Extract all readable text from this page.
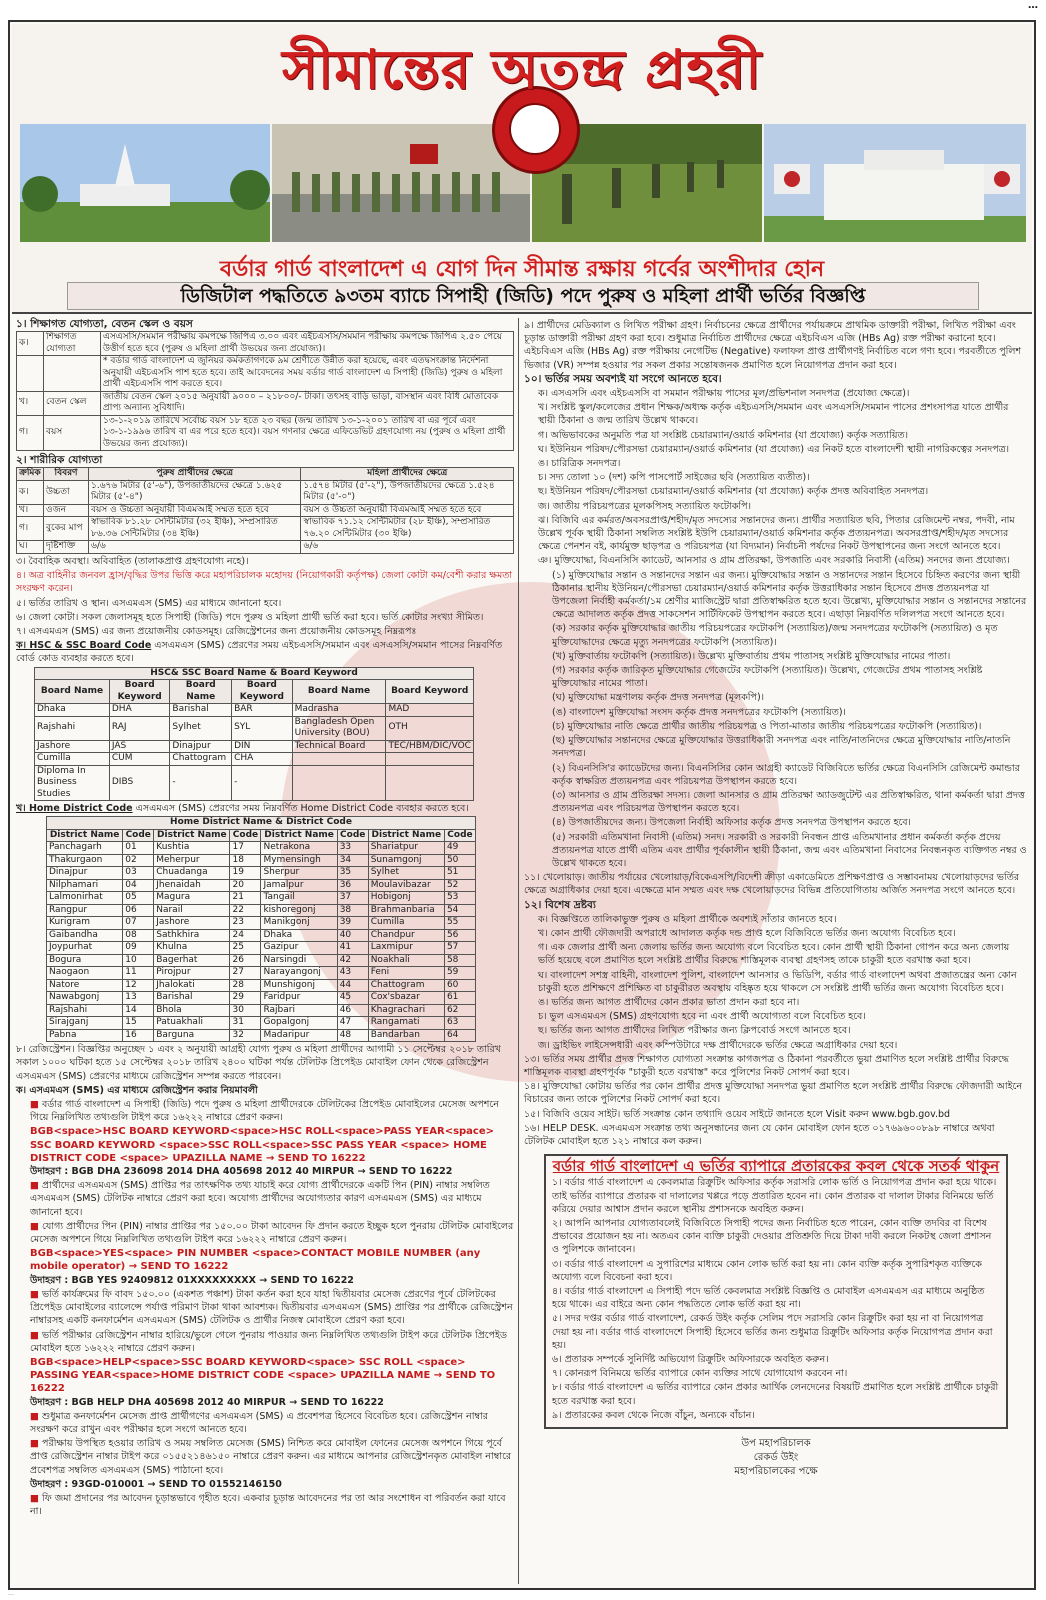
…
সীমান্তের অতন্দ্র প্রহরী
বর্ডার গার্ড বাংলাদেশ এ যোগ দিন সীমান্ত রক্ষায় গর্বের অংশীদার হোন
ডিজিটাল পদ্ধতিতে ৯৩তম ব্যাচে সিপাহী (জিডি) পদে পুরুষ ও মহিলা প্রার্থী ভর্তির বিজ্ঞপ্তি
১। শিক্ষাগত যোগ্যতা, বেতন স্কেল ও বয়স
ক।	শিক্ষাগত যোগ্যতা	এসএসসি/সমমান পরীক্ষায় কমপক্ষে জিপিএ ৩.০০ এবং এইচএসসি/সমমান পরীক্ষায় কমপক্ষে জিপিএ ২.৫০ পেয়ে উত্তীর্ণ হতে হবে (পুরুষ ও মহিলা প্রার্থী উভয়ের জন্য প্রযোজ্য)।
		* বর্ডার গার্ড বাংলাদেশ এ জুনিয়র কর্মকর্তাগণকে ৯ম শ্রেণীতে উন্নীত করা হয়েছে, এবং এতদ্বসংক্রান্ত নির্দেশনা অনুযায়ী এইচএসসি পাশ হতে হবে। তাই আবেদনের সময় বর্ডার গার্ড বাংলাদেশ এ সিপাহী (জিডি) পুরুষ ও মহিলা প্রার্থী এইচএসসি পাশ করতে হবে।
খ।	বেতন স্কেল	জাতীয় বেতন স্কেল ২০১৫ অনুযায়ী ৯০০০ – ২১৮০০/- টাকা। তৎসহ বাড়ি ভাড়া, বাসস্থান এবং বিধি মোতাবেক প্রাপ্য অন্যান্য সুবিধাদি।
গ।	বয়স	১৩-১-২০১৯ তারিখে সর্বোচ্চ বয়স ১৮ হতে ২৩ বছর (জন্ম তারিখ ১৩-১-২০০১ তারিখ বা এর পূর্বে এবং ১৩-১-১৯৯৬ তারিখ বা এর পরে হতে হবে)। বয়স গণনার ক্ষেত্রে এফিডেভিট গ্রহণযোগ্য নয় (পুরুষ ও মহিলা প্রার্থী উভয়ের জন্য প্রযোজ্য)।
২। শারীরিক যোগ্যতা
ক্রমিক	বিবরণ	পুরুষ প্রার্থীদের ক্ষেত্রে	মহিলা প্রার্থীদের ক্ষেত্রে
ক।	উচ্চতা	১.৬৭৬ মিটার (৫'-৬"), উপজাতীয়দের ক্ষেত্রে ১.৬২৫ মিটার (৫'-৪")	১.৫৭৪ মিটার (৫'-২"), উপজাতীয়দের ক্ষেত্রে ১.৫২৪ মিটার (৫'-০")
খ।	ওজন	বয়স ও উচ্চতা অনুযায়ী বিএমআই সম্মত হতে হবে	বয়স ও উচ্চতা অনুযায়ী বিএমআই সম্মত হতে হবে
গ।	বুকের মাপ	স্বাভাবিক ৮১.২৮ সেন্টিমিটার (৩২ ইঞ্চি), সম্প্রসারিত ৮৬.৩৬ সেন্টিমিটার (৩৪ ইঞ্চি)	স্বাভাবিক ৭১.১২ সেন্টিমিটার (২৮ ইঞ্চি), সম্প্রসারিত ৭৬.২০ সেন্টিমিটার (৩০ ইঞ্চি)
ঘ।	দৃষ্টিশক্তি	৬/৬	৬/৬
৩। বৈবাহিক অবস্থা। অবিবাহিত (তালাকপ্রাপ্ত গ্রহণযোগ্য নহে)।
৪। অত্র বাহিনীর জনবল হ্রাস/বৃদ্ধির উপর ভিত্তি করে মহাপরিচালক মহোদয় (নিয়োগকারী কর্তৃপক্ষ) জেলা কোটা কম/বেশী করার ক্ষমতা সংরক্ষণ করেন।
৫। ভর্তির তারিখ ও স্থান। এসএমএস (SMS) এর মাধ্যমে জানানো হবে।
৬। জেলা কোটা। সকল জেলাসমূহ হতে সিপাহী (জিডি) পদে পুরুষ ও মহিলা প্রার্থী ভর্তি করা হবে। ভর্তি কোটার সংখ্যা সীমিত।
৭। এসএমএস (SMS) এর জন্য প্রয়োজনীয় কোডসমূহ। রেজিস্ট্রেশনের জন্য প্রয়োজনীয় কোডসমূহ নিম্নরূপঃ
ক। HSC & SSC Board Code এসএমএস (SMS) প্রেরণের সময় এইচএসসি/সমমান এবং এসএসসি/সমমান পাসের নিম্নবর্ণিত বোর্ড কোড ব্যবহার করতে হবে।
HSC& SSC Board Name & Board Keyword					
Board Name	Board Keyword	Board Name	Board Keyword	Board Name	Board Keyword
Dhaka	DHA	Barishal	BAR	Madrasha	MAD
Rajshahi	RAJ	Sylhet	SYL	Bangladesh Open University (BOU)	OTH
Jashore	JAS	Dinajpur	DIN	Technical Board	TEC/HBM/DIC/VOC
Cumilla	CUM	Chattogram	CHA		
Diploma In Business Studies	DIBS	-	-		
খ। Home District Code এসএমএস (SMS) প্রেরণের সময় নিম্নবর্ণিত Home District Code ব্যবহার করতে হবে।
Home District Name & District Code							
District Name	Code	District Name	Code	District Name	Code	District Name	Code
Panchagarh	01	Kushtia	17	Netrakona	33	Shariatpur	49
Thakurgaon	02	Meherpur	18	Mymensingh	34	Sunamgonj	50
Dinajpur	03	Chuadanga	19	Sherpur	35	Sylhet	51
Nilphamari	04	Jhenaidah	20	Jamalpur	36	Moulavibazar	52
Lalmonirhat	05	Magura	21	Tangail	37	Hobigonj	53
Rangpur	06	Narail	22	kishoregonj	38	Brahmanbaria	54
Kurigram	07	Jashore	23	Manikgonj	39	Cumilla	55
Gaibandha	08	Sathkhira	24	Dhaka	40	Chandpur	56
Joypurhat	09	Khulna	25	Gazipur	41	Laxmipur	57
Bogura	10	Bagerhat	26	Narsingdi	42	Noakhali	58
Naogaon	11	Pirojpur	27	Narayangonj	43	Feni	59
Natore	12	Jhalokati	28	Munshigonj	44	Chattogram	60
Nawabgonj	13	Barishal	29	Faridpur	45	Cox'sbazar	61
Rajshahi	14	Bhola	30	Rajbari	46	Khagrachari	62
Sirajganj	15	Patuakhali	31	Gopalgonj	47	Rangamati	63
Pabna	16	Barguna	32	Madaripur	48	Bandarban	64
৮। রেজিস্ট্রেশন। বিজ্ঞপ্তির অনুচ্ছেদ ১ এবং ২ অনুযায়ী আগ্রহী যোগ্য পুরুষ ও মহিলা প্রার্থীদের আগামী ১১ সেপ্টেম্বর ২০১৮ তারিখ সকাল ১০০০ ঘটিকা হতে ১৫ সেপ্টেম্বর ২০১৮ তারিখ ২৪০০ ঘটিকা পর্যন্ত টেলিটক প্রিপেইড মোবাইল ফোন থেকে রেজিস্ট্রেশন এসএমএস (SMS) প্রেরণের মাধ্যমে রেজিস্ট্রেশন সম্পন্ন করতে পারবেন।
ক। এসএমএস (SMS) এর মাধ্যমে রেজিস্ট্রেশন করার নিয়মাবলী
■ বর্ডার গার্ড বাংলাদেশ এ সিপাহী (জিডি) পদে পুরুষ ও মহিলা প্রার্থীদেরকে টেলিটকের প্রিপেইড মোবাইলের মেসেজ অপশনে গিয়ে নিম্নলিখিত তথ্যগুলি টাইপ করে ১৬২২২ নাম্বারে প্রেরণ করুন।
BGB<space>HSC BOARD KEYWORD<space>HSC ROLL<space>PASS YEAR<space> SSC BOARD KEYWORD <space>SSC ROLL<space>SSC PASS YEAR <space> HOME DISTRICT CODE <space> UPAZILLA NAME → SEND TO 16222
উদাহরণ : BGB DHA 236098 2014 DHA 405698 2012 40 MIRPUR → SEND TO 16222
■ প্রার্থীদের এসএমএস (SMS) প্রাপ্তির পর তাৎক্ষণিক তথ্য যাচাই করে যোগ্য প্রার্থীদেরকে একটি পিন (PIN) নাম্বার সম্বলিত এসএমএস (SMS) টেলিটক নাম্বারে প্রেরণ করা হবে। অযোগ্য প্রার্থীদের অযোগ্যতার কারণ এসএমএস (SMS) এর মাধ্যমে জানানো হবে।
■ যোগ্য প্রার্থীদের পিন (PIN) নাম্বার প্রাপ্তির পর ১৫০.০০ টাকা আবেদন ফি প্রদান করতে ইচ্ছুক হলে পুনরায় টেলিটক মোবাইলের মেসেজ অপশনে গিয়ে নিম্নলিখিত তথ্যগুলি টাইপ করে ১৬২২২ নাম্বারে প্রেরণ করুন।
BGB<space>YES<space> PIN NUMBER <space>CONTACT MOBILE NUMBER (any mobile operator) → SEND TO 16222
উদাহরণ : BGB YES 92409812 01XXXXXXXXX → SEND TO 16222
■ ভর্তি কার্যক্রমের ফি বাবদ ১৫০.০০ (একশত পঞ্চাশ) টাকা কর্তন করা হবে যাহা দ্বিতীয়বার মেসেজ প্রেরণের পূর্বে টেলিটকের প্রিপেইড মোবাইলের ব্যালেন্সে পর্যাপ্ত পরিমাণ টাকা থাকা আবশ্যক। দ্বিতীয়বার এসএমএস (SMS) প্রাপ্তির পর প্রার্থীকে রেজিস্ট্রেশন নাম্বারসহ একটি কনফার্মেশন এসএমএস (SMS) টেলিটক ও প্রার্থীর নিজস্ব মোবাইলে প্রেরণ করা হবে।
■ ভর্তি পরীক্ষার রেজিস্ট্রেশন নাম্বার হারিয়ে/ভুলে গেলে পুনরায় পাওয়ার জন্য নিম্নলিখিত তথ্যগুলি টাইপ করে টেলিটক প্রিপেইড মোবাইল হতে ১৬২২২ নাম্বারে প্রেরণ করুন।
BGB<space>HELP<space>SSC BOARD KEYWORD<space> SSC ROLL <space> PASSING YEAR<space>HOME DISTRICT CODE <space> UPAZILLA NAME → SEND TO 16222
উদাহরণ : BGB HELP DHA 405698 2012 40 MIRPUR → SEND TO 16222
■ শুধুমাত্র কনফার্মেশন মেসেজ প্রাপ্ত প্রার্থীগণের এসএমএস (SMS) এ প্রবেশপত্র হিসেবে বিবেচিত হবে। রেজিস্ট্রেশন নাম্বার সংরক্ষণ করে রাখুন এবং পরীক্ষার হলে সংগে আনতে হবে।
■ পরীক্ষায় উপস্থিত হওয়ার তারিখ ও সময় সম্বলিত মেসেজ (SMS) নিশ্চিত করে মোবাইল ফোনের মেসেজ অপশনে গিয়ে পূর্বে প্রাপ্ত রেজিস্ট্রেশন নাম্বার টাইপ করে ০১৫৫২১৪৬১৫০ নাম্বারে প্রেরণ করুন। এর মাধ্যমে আপনার রেজিস্ট্রেশনকৃত মোবাইল নাম্বারে প্রবেশপত্র সম্বলিত এসএমএস (SMS) পাঠানো হবে।
উদাহরণ : 93GD-010001 → SEND TO 01552146150
■ ফি জমা প্রদানের পর আবেদন চূড়ান্তভাবে গৃহীত হবে। একবার চূড়ান্ত আবেদনের পর তা আর সংশোধন বা পরিবর্তন করা যাবে না।
৯। প্রার্থীদের মেডিক্যাল ও লিখিত পরীক্ষা গ্রহণ। নির্বাচনের ক্ষেত্রে প্রার্থীদের পর্যায়ক্রমে প্রাথমিক ডাক্তারী পরীক্ষা, লিখিত পরীক্ষা এবং চূড়ান্ত ডাক্তারী পরীক্ষা গ্রহণ করা হবে। শুধুমাত্র নির্বাচিত প্রার্থীদের ক্ষেত্রে এইচবিএস এজি (HBs Ag) রক্ত পরীক্ষা করানো হবে। এইচবিএস এজি (HBs Ag) রক্ত পরীক্ষায় নেগেটিভ (Negative) ফলাফল প্রাপ্ত প্রার্থীগণই নির্বাচিত বলে গণ্য হবে। পরবর্তীতে পুলিশ ভিজার (VR) সম্পন্ন হওয়ার পর সকল প্রকার সন্তোষজনক প্রমাণিত হলে নিয়োগপত্র প্রদান করা হবে।
১০। ভর্তির সময় অবশ্যই যা সংগে আনতে হবে।
ক। এসএসসি এবং এইচএসসি বা সমমান পরীক্ষায় পাসের মূল/প্রভিশনাল সনদপত্র (প্রযোজ্য ক্ষেত্রে)।
খ। সংশ্লিষ্ট স্কুল/কলেজের প্রধান শিক্ষক/অধ্যক্ষ কর্তৃক এইচএসসি/সমমান এবং এসএসসি/সমমান পাসের প্রশংসাপত্র যাতে প্রার্থীর স্থায়ী ঠিকানা ও জন্ম তারিখ উল্লেখ থাকবে।
গ। অভিভাবকের অনুমতি পত্র যা সংশ্লিষ্ট চেয়ারম্যান/ওয়ার্ড কমিশনার (যা প্রযোজ্য) কর্তৃক সত্যায়িত।
ঘ। ইউনিয়ন পরিষদ/পৌরসভা চেয়ারম্যান/ওয়ার্ড কমিশনার (যা প্রযোজ্য) এর নিকট হতে বাংলাদেশী স্থায়ী নাগরিকত্বের সনদপত্র।
ঙ। চারিত্রিক সনদপত্র।
চ। সদ্য তোলা ১০ (দশ) কপি পাসপোর্ট সাইজের ছবি (সত্যায়িত ব্যতীত)।
ছ। ইউনিয়ন পরিষদ/পৌরসভা চেয়ারম্যান/ওয়ার্ড কমিশনার (যা প্রযোজ্য) কর্তৃক প্রদত্ত অবিবাহিত সনদপত্র।
জ। জাতীয় পরিচয়পত্রের মূলকপিসহ সত্যায়িত ফটোকপি।
ঝ। বিজিবি এর কর্মরত/অবসরপ্রাপ্ত/শহীদ/মৃত সদস্যের সন্তানদের জন্য। প্রার্থীর সত্যায়িত ছবি, পিতার রেজিমেন্ট নম্বর, পদবী, নাম উল্লেখ পূর্বক স্থায়ী ঠিকানা সম্বলিত সংশ্লিষ্ট ইউপি চেয়ারম্যান/ওয়ার্ড কমিশনার কর্তৃক প্রত্যয়নপত্র। অবসরপ্রাপ্ত/শহীদ/মৃত সদস্যের ক্ষেত্রে পেনশন বই, কার্যমুক্ত ছাড়পত্র ও পরিচয়পত্র (যা বিদ্যমান) নির্বাচনী পর্ষদের নিকট উপস্থাপনের জন্য সংগে আনতে হবে।
ঞ। মুক্তিযোদ্ধা, বিএনসিসি ক্যাডেট, আনসার ও গ্রাম প্রতিরক্ষা, উপজাতি এবং সরকারি নিবাসী (এতিম) সনদের জন্য প্রযোজ্য।
(১) মুক্তিযোদ্ধার সন্তান ও সন্তানদের সন্তান এর জন্য। মুক্তিযোদ্ধার সন্তান ও সন্তানদের সন্তান হিসেবে চিহ্নিত করণের জন্য স্থায়ী ঠিকানার স্থানীয় ইউনিয়ন/পৌরসভা চেয়ারম্যান/ওয়ার্ড কমিশনার কর্তৃক উত্তরাধিকার সন্তান হিসেবে প্রদত্ত প্রত্যয়নপত্র যা উপজেলা নির্বাহী কর্মকর্তা/১ম শ্রেণীর ম্যাজিস্ট্রেট দ্বারা প্রতিস্বাক্ষরিত হতে হবে। উল্লেখ্য, মুক্তিযোদ্ধার সন্তান ও সন্তানদের সন্তানের ক্ষেত্রে আদালত কর্তৃক প্রদত্ত সাকসেশন সার্টিফিকেট উপস্থাপন করতে হবে। এছাড়া নিম্নবর্ণিত দলিলপত্র সংগে আনতে হবে।
(ক) সরকার কর্তৃক মুক্তিযোদ্ধার জাতীয় পরিচয়পত্রের ফটোকপি (সত্যায়িত)/জন্ম সনদপত্রের ফটোকপি (সত্যায়িত) ও মৃত মুক্তিযোদ্ধাদের ক্ষেত্রে মৃত্যু সনদপত্রের ফটোকপি (সত্যায়িত)।
(খ) মুক্তিবার্তায় ফটোকপি (সত্যায়িত)। উল্লেখ্য মুক্তিবার্তায় প্রথম পাতাসহ সংশ্লিষ্ট মুক্তিযোদ্ধার নামের পাতা।
(গ) সরকার কর্তৃক জারিকৃত মুক্তিযোদ্ধার গেজেটের ফটোকপি (সত্যায়িত)। উল্লেখ্য, গেজেটের প্রথম পাতাসহ সংশ্লিষ্ট মুক্তিযোদ্ধার নামের পাতা।
(ঘ) মুক্তিযোদ্ধা মন্ত্রণালয় কর্তৃক প্রদত্ত সনদপত্র (মূলকপি)।
(ঙ) বাংলাদেশ মুক্তিযোদ্ধা সংসদ কর্তৃক প্রদত্ত সনদপত্রের ফটোকপি (সত্যায়িত)।
(চ) মুক্তিযোদ্ধার নাতি ক্ষেত্রে প্রার্থীর জাতীয় পরিচয়পত্র ও পিতা-মাতার জাতীয় পরিচয়পত্রের ফটোকপি (সত্যায়িত)।
(ছ) মুক্তিযোদ্ধার সন্তানদের ক্ষেত্রে মুক্তিযোদ্ধার উত্তরাধিকারী সনদপত্র এবং নাতি/নাতনিদের ক্ষেত্রে মুক্তিযোদ্ধার নাতি/নাতনি সনদপত্র।
(২) বিএনসিসি'র ক্যাডেটদের জন্য। বিএনসিসির কোন আগ্রহী ক্যাডেট বিজিবিতে ভর্তির ক্ষেত্রে বিএনসিসি রেজিমেন্ট কমান্ডার কর্তৃক স্বাক্ষরিত প্রত্যয়নপত্র এবং পরিচয়পত্র উপস্থাপন করতে হবে।
(৩) আনসার ও গ্রাম প্রতিরক্ষা সদস্য। জেলা আনসার ও গ্রাম প্রতিরক্ষা অ্যাডজুটেন্ট এর প্রতিস্বাক্ষরিত, থানা কর্মকর্তা দ্বারা প্রদত্ত প্রত্যয়নপত্র এবং পরিচয়পত্র উপস্থাপন করতে হবে।
(৪) উপজাতীয়দের জন্য। উপজেলা নির্বাহী অফিসার কর্তৃক প্রদত্ত সনদপত্র উপস্থাপন করতে হবে।
(৫) সরকারী এতিমখানা নিবাসী (এতিম) সনদ। সরকারী ও সরকারী নিবন্ধন প্রাপ্ত এতিমখানার প্রধান কর্মকর্তা কর্তৃক প্রদেয় প্রত্যয়নপত্র যাতে প্রার্থী এতিম এবং প্রার্থীর পূর্বকালীন স্থায়ী ঠিকানা, জন্ম এবং এতিমখানা নিবাসের নিবন্ধনকৃত ব্যক্তিগত নম্বর ও উল্লেখ থাকতে হবে।
১১। খেলোয়াড়। জাতীয় পর্যায়ের খেলোয়াড়/বিকেএসপি/বিদেশী ক্রীড়া একাডেমিতে প্রশিক্ষণপ্রাপ্ত ও সম্ভাবনাময় খেলোয়াড়দের ভর্তির ক্ষেত্রে অগ্রাধিকার দেয়া হবে। এক্ষেত্রে মান সম্মত এবং দক্ষ খেলোয়াড়দের বিভিন্ন প্রতিযোগিতায় অর্জিত সনদপত্র সংগে আনতে হবে।
১২। বিশেষ দ্রষ্টব্য
ক। বিজ্ঞপ্তিতে তালিকাভুক্ত পুরুষ ও মহিলা প্রার্থীকে অবশ্যই সাঁতার জানতে হবে।
খ। কোন প্রার্থী ফৌজদারী অপরাধে আদালত কর্তৃক দন্ড প্রাপ্ত হলে বিজিবিতে ভর্তির জন্য অযোগ্য বিবেচিত হবে।
গ। এক জেলার প্রার্থী অন্য জেলায় ভর্তির জন্য অযোগ্য বলে বিবেচিত হবে। কোন প্রার্থী স্থায়ী ঠিকানা গোপন করে অন্য জেলায় ভর্তি হয়েছে বলে প্রমাণিত হলে সংশ্লিষ্ট প্রার্থীর বিরুদ্ধে শাস্তিমূলক ব্যবস্থা গ্রহণসহ তাকে চাকুরী হতে বরখাস্ত করা হবে।
ঘ। বাংলাদেশ সশস্ত্র বাহিনী, বাংলাদেশ পুলিশ, বাংলাদেশ আনসার ও ভিডিপি, বর্ডার গার্ড বাংলাদেশ অথবা প্রজাতন্ত্রের অন্য কোন চাকুরী হতে প্রশিক্ষণে প্রশিক্ষিত বা চাকুরীরত অবস্থায় বহিষ্কৃত হয়ে থাকলে সে সংশ্লিষ্ট প্রার্থী ভর্তির জন্য অযোগ্য বিবেচিত হবে।
ঙ। ভর্তির জন্য আগত প্রার্থীদের কোন প্রকার ভাতা প্রদান করা হবে না।
চ। ভুল এসএমএস (SMS) গ্রহণযোগ্য হবে না এবং প্রার্থী অযোগ্যতা বলে বিবেচিত হবে।
ছ। ভর্তির জন্য আগত প্রার্থীদের লিখিত পরীক্ষার জন্য ক্লিপবোর্ড সংগে আনতে হবে।
জ। ড্রাইভিং লাইসেন্সধারী এবং কম্পিউটারে দক্ষ প্রার্থীদেরকে ভর্তির ক্ষেত্রে অগ্রাধিকার দেয়া হবে।
১৩। ভর্তির সময় প্রার্থীর প্রদত্ত শিক্ষাগত যোগ্যতা সংক্রান্ত কাগজপত্র ও ঠিকানা পরবর্তীতে ভুয়া প্রমাণিত হলে সংশ্লিষ্ট প্রার্থীর বিরুদ্ধে শাস্তিমূলক ব্যবস্থা গ্রহণপূর্বক "চাকুরী হতে বরখাস্ত" করে পুলিশের নিকট সোপর্দ করা হবে।
১৪। মুক্তিযোদ্ধা কোটায় ভর্তির পর কোন প্রার্থীর প্রদত্ত মুক্তিযোদ্ধা সনদপত্র ভুয়া প্রমাণিত হলে সংশ্লিষ্ট প্রার্থীর বিরুদ্ধে ফৌজদারী আইনে বিচারের জন্য তাকে পুলিশের নিকট সোপর্দ করা হবে।
১৫। বিজিবি ওয়েব সাইট। ভর্তি সংক্রান্ত কোন তথ্যাদি ওয়েব সাইটে জানতে হলে Visit করুন www.bgb.gov.bd
১৬। HELP DESK. এসএমএস সংক্রান্ত তথ্য অনুসন্ধানের জন্য যে কোন মোবাইল ফোন হতে ০১৭৬৯৬০০৮৯৮ নাম্বারে অথবা টেলিটক মোবাইল হতে ১২১ নাম্বারে কল করুন।
বর্ডার গার্ড বাংলাদেশ এ ভর্তির ব্যাপারে প্রতারকের কবল থেকে সতর্ক থাকুন
১। বর্ডার গার্ড বাংলাদেশ এ কেবলমাত্র রিক্রুটিং অফিসার কর্তৃক সরাসরি লোক ভর্তি ও নিয়োগপত্র প্রদান করা হয়ে থাকে। তাই ভর্তির ব্যাপারে প্রতারক বা দালালের খপ্পরে পড়ে প্রতারিত হবেন না। কোন প্রতারক বা দালাল টাকার বিনিময়ে ভর্তি করিয়ে দেয়ার আশ্বাস প্রদান করলে স্থানীয় প্রশাসনকে অবহিত করুন।
২। আপনি আপনার যোগ্যতাবলেই বিজিবিতে সিপাহী পদের জন্য নির্বাচিত হতে পারেন, কোন ব্যক্তি তদবির বা বিশেষ প্রভাবের প্রয়োজন হয় না। অতএব কোন ব্যক্তি চাকুরী দেওয়ার প্রতিশ্রুতি দিয়ে টাকা দাবী করলে নিকটস্থ জেলা প্রশাসন ও পুলিশকে জানাবেন।
৩। বর্ডার গার্ড বাংলাদেশ এ সুপারিশের মাধ্যমে কোন লোক ভর্তি করা হয় না। কোন ব্যক্তি কর্তৃক সুপারিশকৃত ব্যক্তিকে অযোগ্য বলে বিবেচনা করা হবে।
৪। বর্ডার গার্ড বাংলাদেশ এ সিপাহী পদে ভর্তি কেবলমাত্র সংশ্লিষ্ট বিজ্ঞপ্তি ও মোবাইল এসএমএস এর মাধ্যমে অনুষ্ঠিত হয়ে থাকে। এর বাইরে অন্য কোন পদ্ধতিতে লোক ভর্তি করা হয় না।
৫। সদর দপ্তর বর্ডার গার্ড বাংলাদেশ, রেকর্ড উইং কর্তৃক সেলিম পদে সরাসরি কোন রিক্রুটিং করা হয় না বা নিয়োগপত্র দেয়া হয় না। বর্ডার গার্ড বাংলাদেশে সিপাহী হিসেবে ভর্তির জন্য শুধুমাত্র রিক্রুটিং অফিসার কর্তৃক নিয়োগপত্র প্রদান করা হয়।
৬। প্রতারক সম্পর্কে সুনির্দিষ্ট অভিযোগ রিক্রুটিং অফিসারকে অবহিত করুন।
৭। কোনরূপ বিনিময়ে ভর্তির ব্যাপারে কোন ব্যক্তির সাথে যোগাযোগ করবেন না।
৮। বর্ডার গার্ড বাংলাদেশ এ ভর্তির ব্যাপারে কোন প্রকার আর্থিক লেনদেনের বিষয়টি প্রমাণিত হলে সংশ্লিষ্ট প্রার্থীকে চাকুরী হতে বরখাস্ত করা হবে।
৯। প্রতারকের কবল থেকে নিজে বাঁচুন, অন্যকে বাঁচান।
উপ মহাপরিচালক
রেকর্ড উইং
মহাপরিচালকের পক্ষে
…
